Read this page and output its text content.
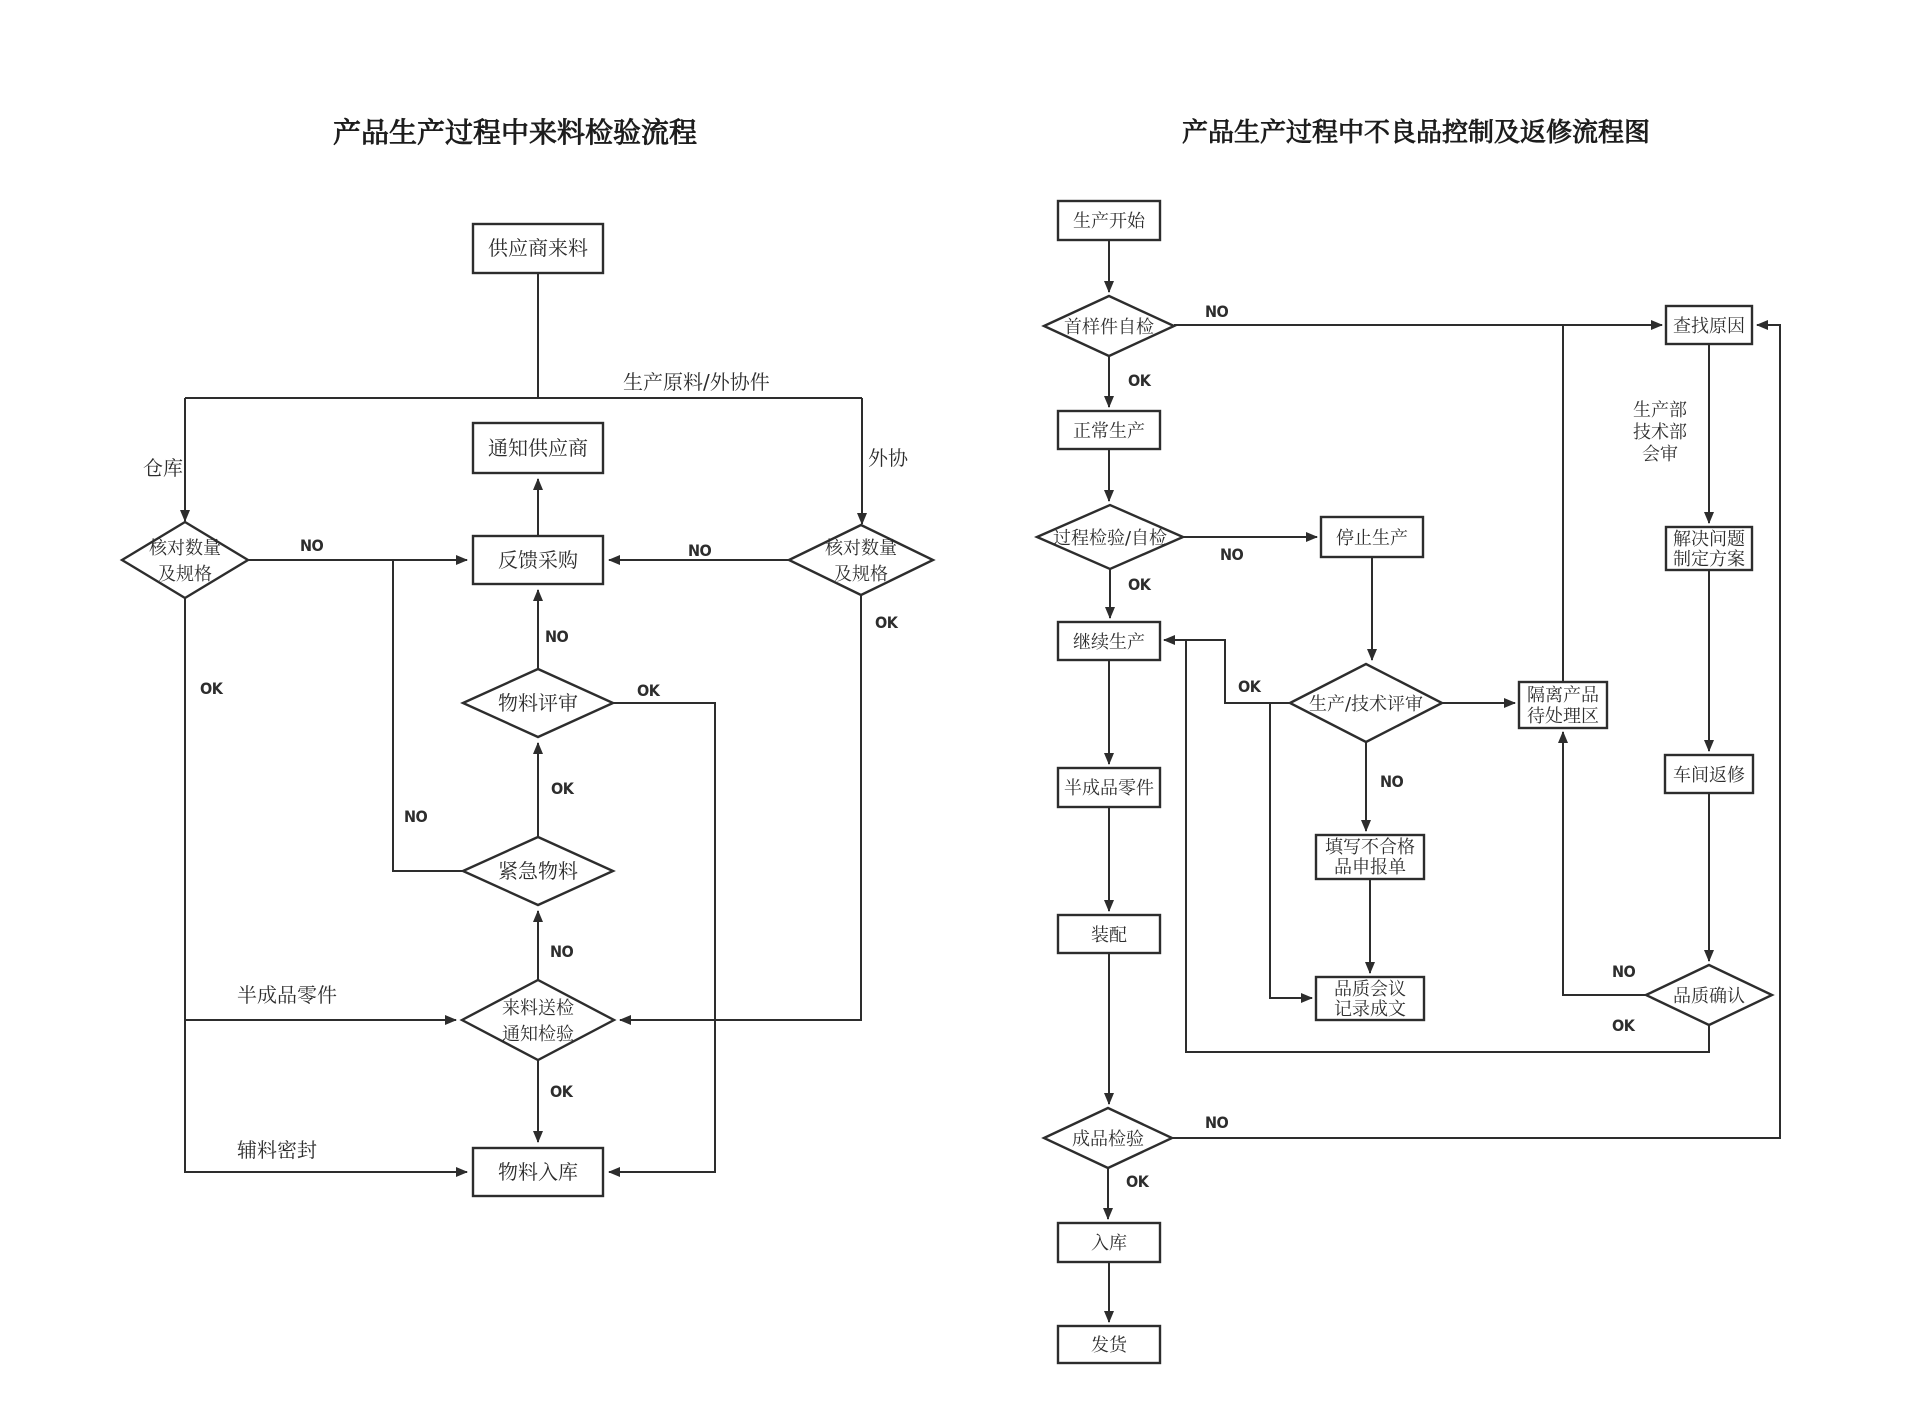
产品生产过程中来料检验流程	产品生产过程中不良品控制及返修流程图
供应商来料
通知供应商
反馈采购
核对数量
及规格
核对数量
及规格
物料评审
紧急物料
来料送检
通知检验
物料入库
仓库
生产原料/外协件
外协
半成品零件
辅料密封
NO
OK
NO
OK
NO
OK
NO
OK
NO
OK
生产开始
首样件自检
正常生产
过程检验/自检	停止生产
继续生产
生产/技术评审	隔离产品
待处理区
半成品零件
填写不合格
品申报单
装配
品质会议
记录成文
成品检验
入库
发货
查找原因
解决问题
制定方案
车间返修
品质确认
生产部
技术部
会审
NO
OK
NO
OK
OK
NO
NO
OK
NO
OK
